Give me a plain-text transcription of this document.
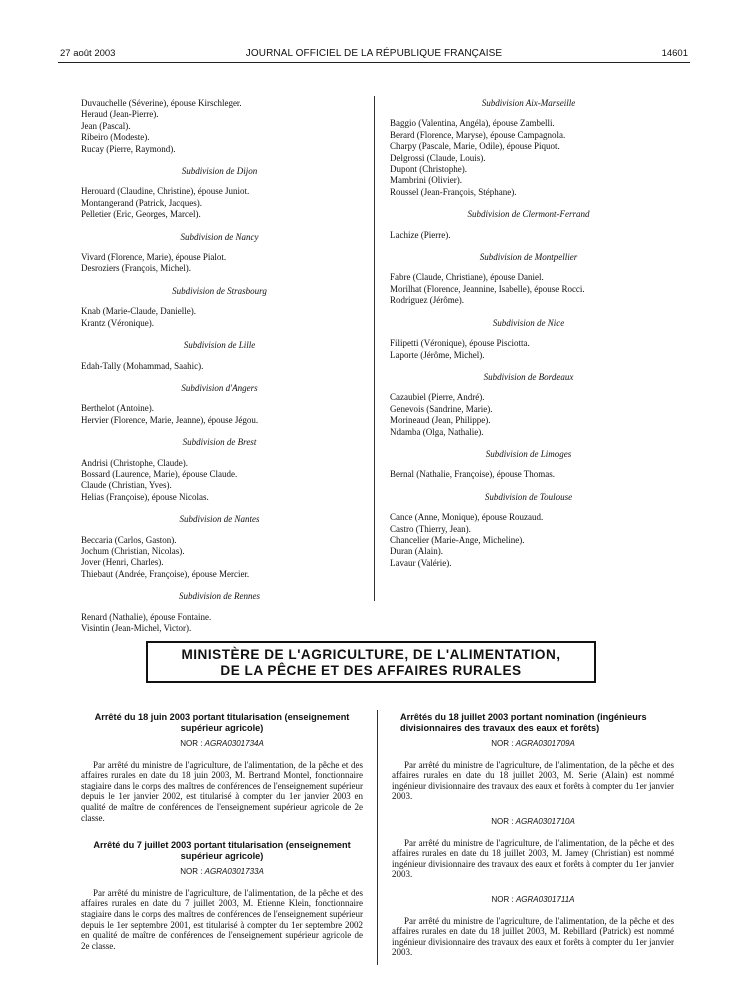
27 août 2003	JOURNAL OFFICIEL DE LA RÉPUBLIQUE FRANÇAISE	14601
Duvauchelle (Séverine), épouse Kirschleger.
Heraud (Jean-Pierre).
Jean (Pascal).
Ribeiro (Modeste).
Rucay (Pierre, Raymond).
Subdivision de Dijon
Herouard (Claudine, Christine), épouse Juniot.
Montangerand (Patrick, Jacques).
Pelletier (Eric, Georges, Marcel).
Subdivision de Nancy
Vivard (Florence, Marie), épouse Pialot.
Desroziers (François, Michel).
Subdivision de Strasbourg
Knab (Marie-Claude, Danielle).
Krantz (Véronique).
Subdivision de Lille
Edah-Tally (Mohammad, Saahic).
Subdivision d'Angers
Berthelot (Antoine).
Hervier (Florence, Marie, Jeanne), épouse Jégou.
Subdivision de Brest
Andrisi (Christophe, Claude).
Bossard (Laurence, Marie), épouse Claude.
Claude (Christian, Yves).
Helias (Françoise), épouse Nicolas.
Subdivision de Nantes
Beccaria (Carlos, Gaston).
Jochum (Christian, Nicolas).
Jover (Henri, Charles).
Thiebaut (Andrée, Françoise), épouse Mercier.
Subdivision de Rennes
Renard (Nathalie), épouse Fontaine.
Visintin (Jean-Michel, Victor).
Subdivision Aix-Marseille
Baggio (Valentina, Angéla), épouse Zambelli.
Berard (Florence, Maryse), épouse Campagnola.
Charpy (Pascale, Marie, Odile), épouse Piquot.
Delgrossi (Claude, Louis).
Dupont (Christophe).
Mambrini (Olivier).
Roussel (Jean-François, Stéphane).
Subdivision de Clermont-Ferrand
Lachize (Pierre).
Subdivision de Montpellier
Fabre (Claude, Christiane), épouse Daniel.
Morilhat (Florence, Jeannine, Isabelle), épouse Rocci.
Rodriguez (Jérôme).
Subdivision de Nice
Filipetti (Véronique), épouse Pisciotta.
Laporte (Jérôme, Michel).
Subdivision de Bordeaux
Cazaubiel (Pierre, André).
Genevois (Sandrine, Marie).
Morineaud (Jean, Philippe).
Ndamba (Olga, Nathalie).
Subdivision de Limoges
Bernal (Nathalie, Françoise), épouse Thomas.
Subdivision de Toulouse
Cance (Anne, Monique), épouse Rouzaud.
Castro (Thierry, Jean).
Chancelier (Marie-Ange, Micheline).
Duran (Alain).
Lavaur (Valérie).
MINISTÈRE DE L'AGRICULTURE, DE L'ALIMENTATION,
DE LA PÊCHE ET DES AFFAIRES RURALES
Arrêté du 18 juin 2003 portant titularisation (enseignement supérieur agricole)
NOR : AGRA0301734A
Par arrêté du ministre de l'agriculture, de l'alimentation, de la pêche et des affaires rurales en date du 18 juin 2003, M. Bertrand Montel, fonctionnaire stagiaire dans le corps des maîtres de conférences de l'enseignement supérieur depuis le 1er janvier 2002, est titularisé à compter du 1er janvier 2003 en qualité de maître de conférences de l'enseignement supérieur agricole de 2e classe.
Arrêté du 7 juillet 2003 portant titularisation (enseignement supérieur agricole)
NOR : AGRA0301733A
Par arrêté du ministre de l'agriculture, de l'alimentation, de la pêche et des affaires rurales en date du 7 juillet 2003, M. Etienne Klein, fonctionnaire stagiaire dans le corps des maîtres de conférences de l'enseignement supérieur depuis le 1er septembre 2001, est titularisé à compter du 1er septembre 2002 en qualité de maître de conférences de l'enseignement supérieur agricole de 2e classe.
Arrêtés du 18 juillet 2003 portant nomination (ingénieurs divisionnaires des travaux des eaux et forêts)
NOR : AGRA0301709A
Par arrêté du ministre de l'agriculture, de l'alimentation, de la pêche et des affaires rurales en date du 18 juillet 2003, M. Serie (Alain) est nommé ingénieur divisionnaire des travaux des eaux et forêts à compter du 1er janvier 2003.
NOR : AGRA0301710A
Par arrêté du ministre de l'agriculture, de l'alimentation, de la pêche et des affaires rurales en date du 18 juillet 2003, M. Jamey (Christian) est nommé ingénieur divisionnaire des travaux des eaux et forêts à compter du 1er janvier 2003.
NOR : AGRA0301711A
Par arrêté du ministre de l'agriculture, de l'alimentation, de la pêche et des affaires rurales en date du 18 juillet 2003, M. Rebillard (Patrick) est nommé ingénieur divisionnaire des travaux des eaux et forêts à compter du 1er janvier 2003.
